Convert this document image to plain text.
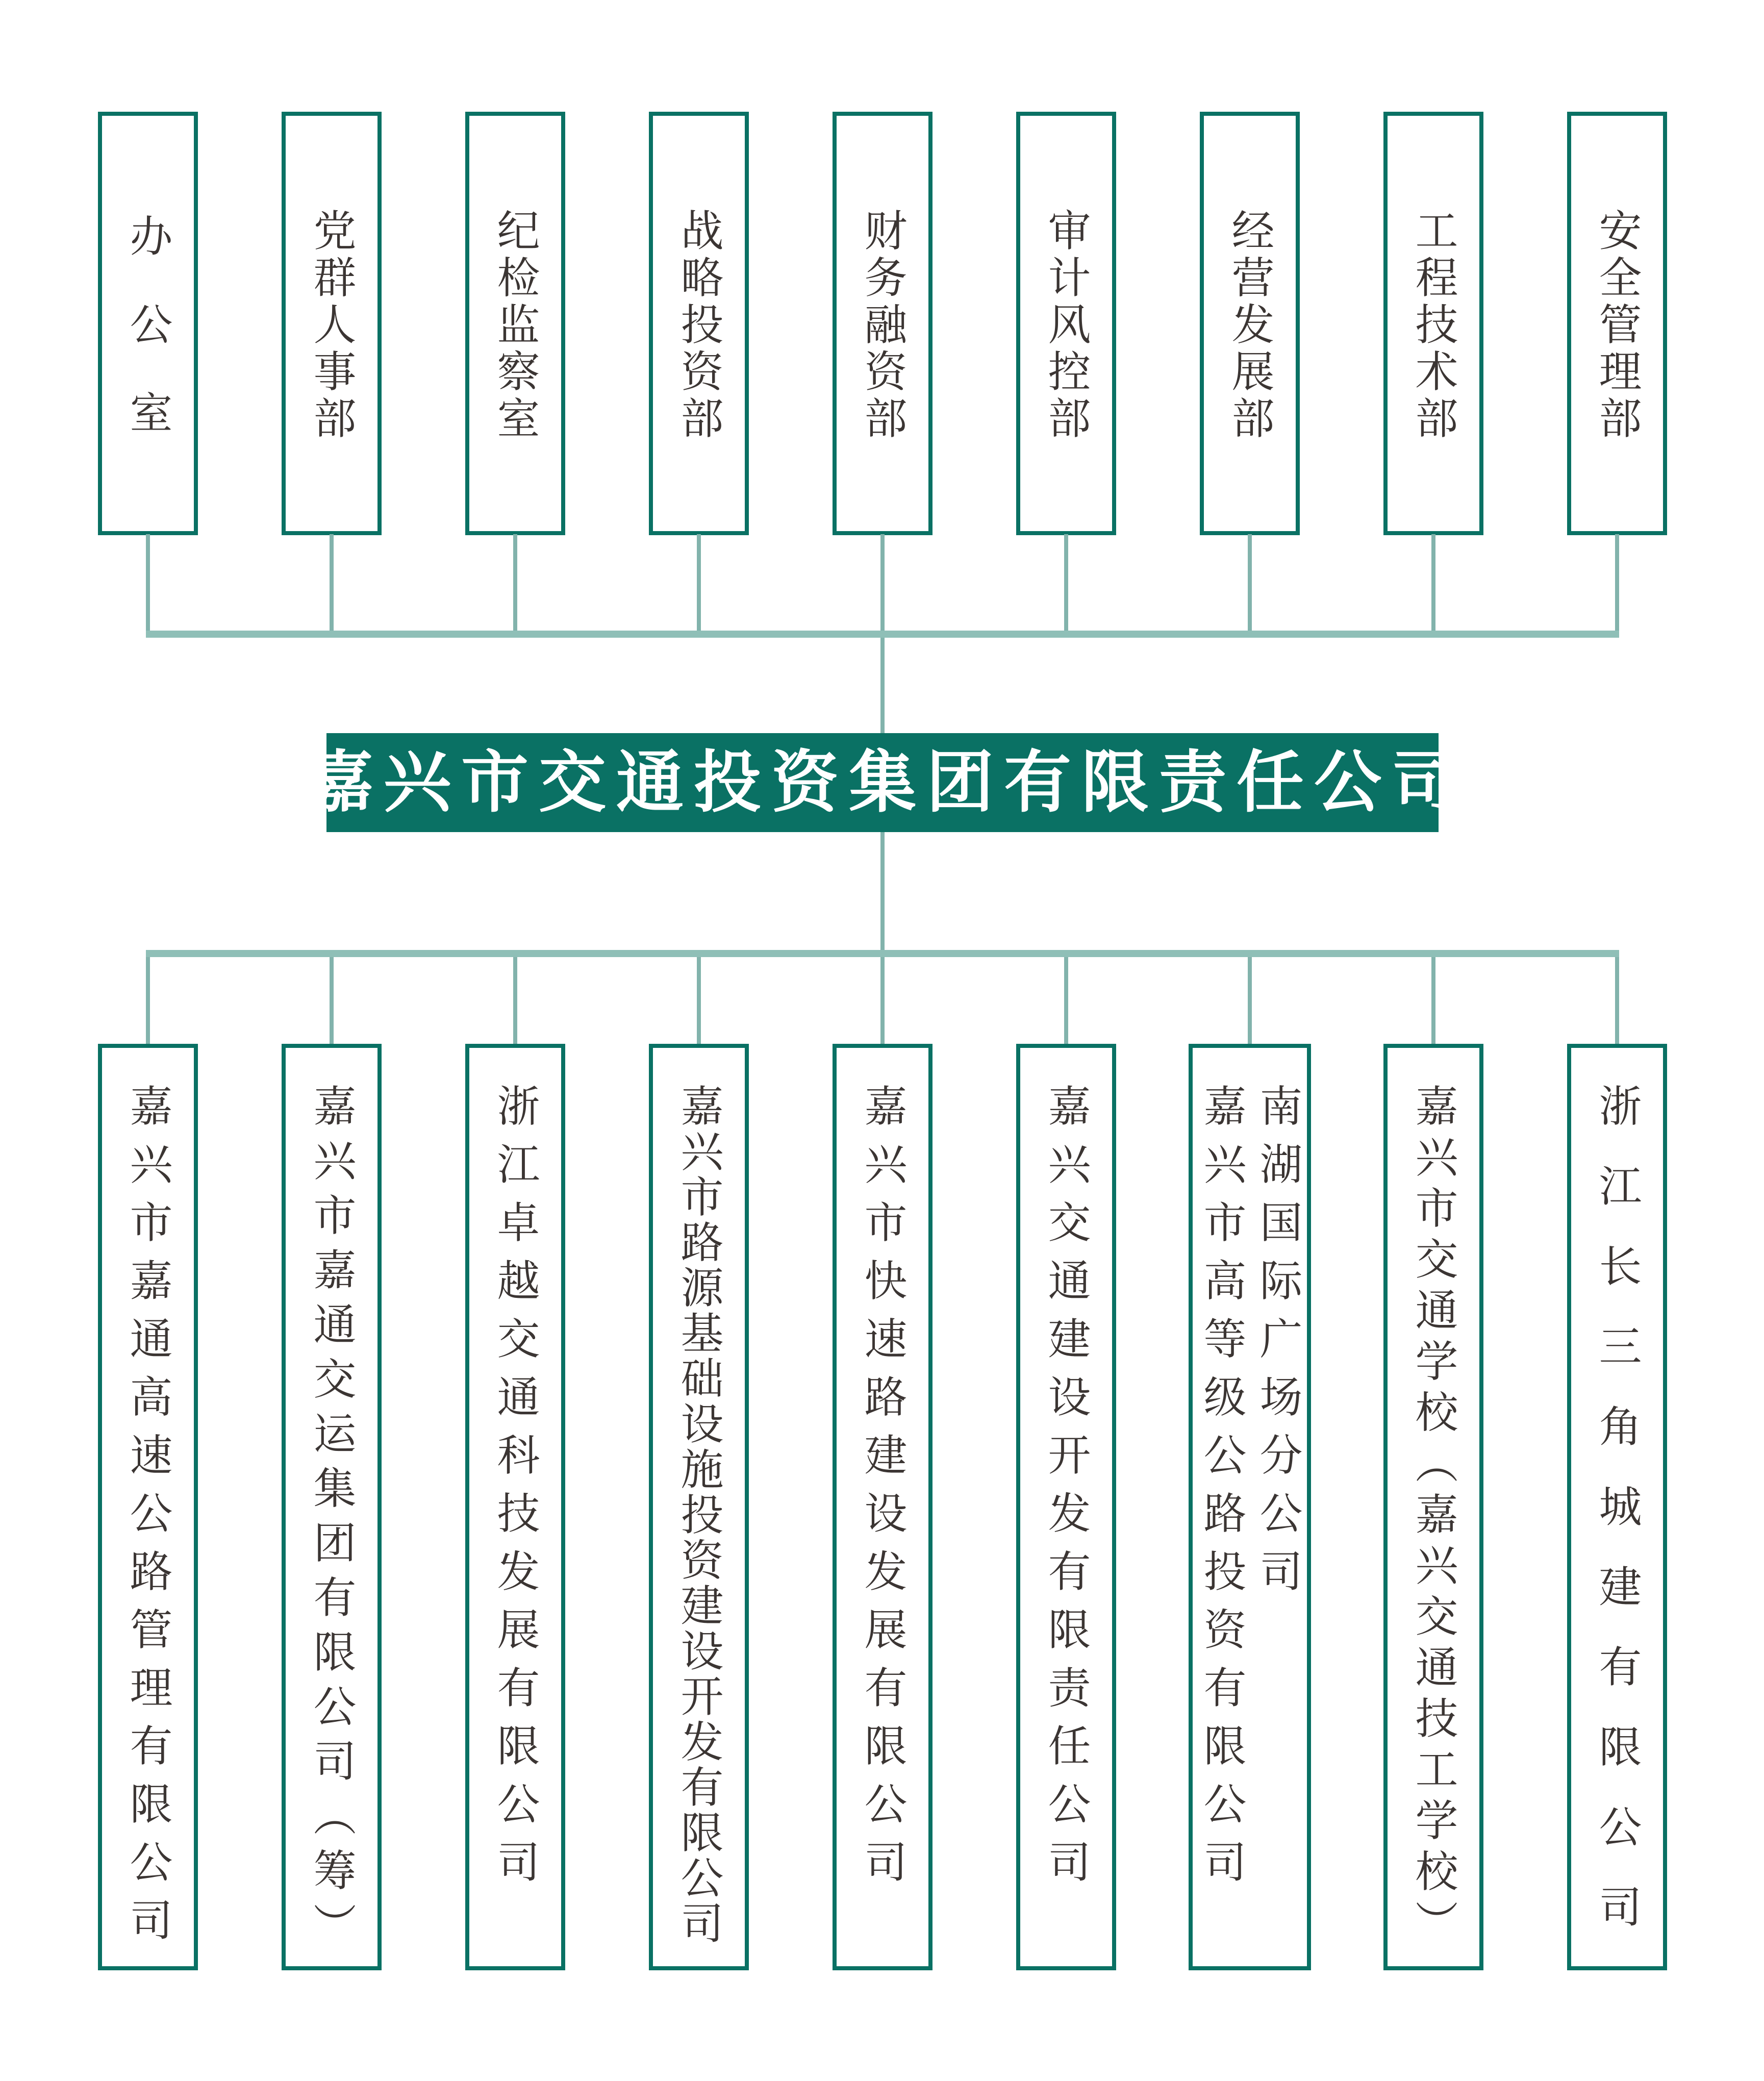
办公室	党群人事部	纪检监察室	战略投资部	财务融资部	审计风控部	经营发展部	工程技术部	安全管理部
嘉兴市交通投资集团有限责任公司
嘉兴市嘉通高速公路管理有限公司	嘉兴市嘉通交运集团有限公司（筹）	浙江卓越交通科技发展有限公司	嘉兴市路源基础设施投资建设开发有限公司	嘉兴市快速路建设发展有限公司	嘉兴交通建设开发有限责任公司 嘉兴市高等级公路投资有限公司 南湖国际广场分公司 嘉兴市交通学校（嘉兴交通技工学校）	浙江长三角城建有限公司
